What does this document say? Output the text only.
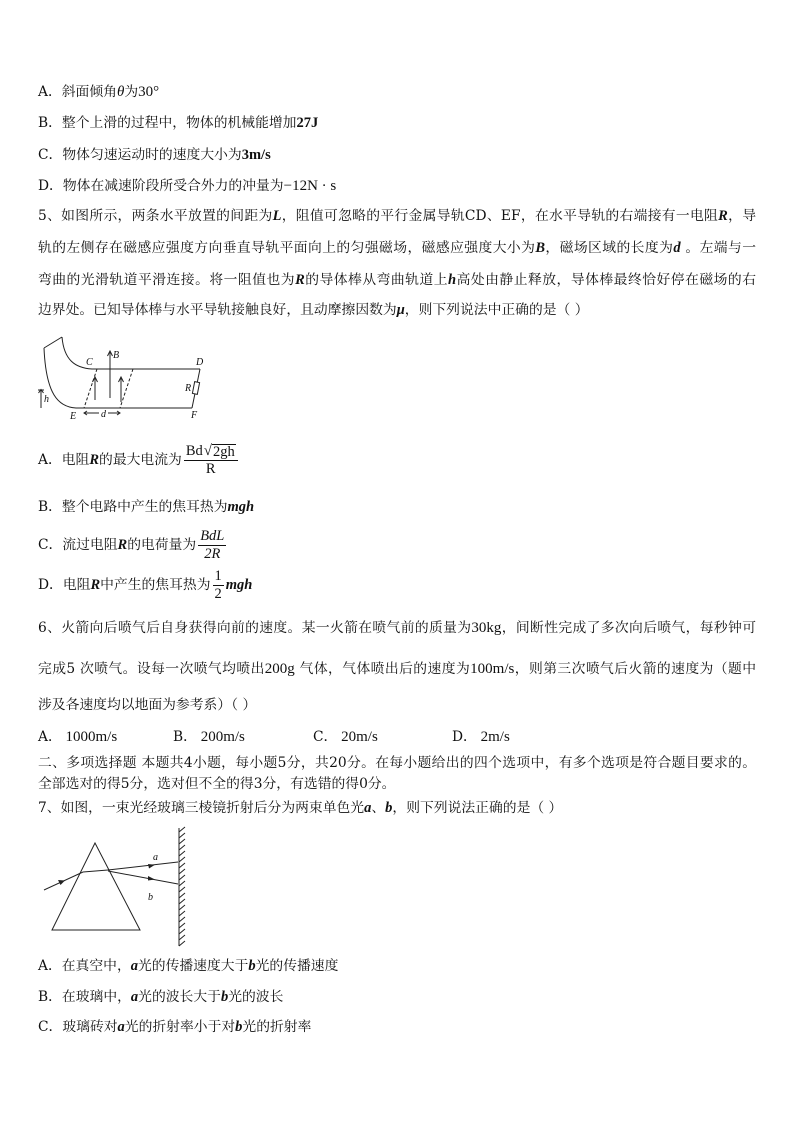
A．斜面倾角θ为30°
B．整个上滑的过程中，物体的机械能增加27J
C．物体匀速运动时的速度大小为3m/s
D．物体在减速阶段所受合外力的冲量为−12N · s
5、如图所示，两条水平放置的间距为L，阻值可忽略的平行金属导轨CD、EF，在水平导轨的右端接有一电阻R，导
轨的左侧存在磁感应强度方向垂直导轨平面向上的匀强磁场，磁感应强度大小为B，磁场区域的长度为d 。左端与一
弯曲的光滑轨道平滑连接。将一阻值也为R的导体棒从弯曲轨道上h高处由静止释放，导体棒最终恰好停在磁场的右
边界处。已知导体棒与水平导轨接触良好，且动摩擦因数为μ，则下列说法中正确的是（ ）
C
B
D
R
E d	F
h
A．电阻R的最大电流为 $\frac{Bd √ 2gh}{R}$
B．整个电路中产生的焦耳热为mgh
C．流过电阻R的电荷量为 $\frac{\text{BdL}}{2R}$
D．电阻R中产生的焦耳热为 $\frac{1}{2}$ mgh
6、火箭向后喷气后自身获得向前的速度。某一火箭在喷气前的质量为30kg，间断性完成了多次向后喷气，每秒钟可
完成5 次喷气。设每一次喷气均喷出200g 气体，气体喷出后的速度为100m/s，则第三次喷气后火箭的速度为（题中
涉及各速度均以地面为参考系）（ ）
A． 1000m/s	B． 200m/s	C． 20m/s	D． 2m/s
二、多项选择题 本题共4小题，每小题5分，共20分。在每小题给出的四个选项中，有多个选项是符合题目要求的。
全部选对的得5分，选对但不全的得3分，有选错的得0分。
7、如图，一束光经玻璃三棱镜折射后分为两束单色光a、b，则下列说法正确的是（ ）
a
b
A．在真空中，a光的传播速度大于b光的传播速度
B．在玻璃中，a光的波长大于b光的波长
C．玻璃砖对a光的折射率小于对b光的折射率
